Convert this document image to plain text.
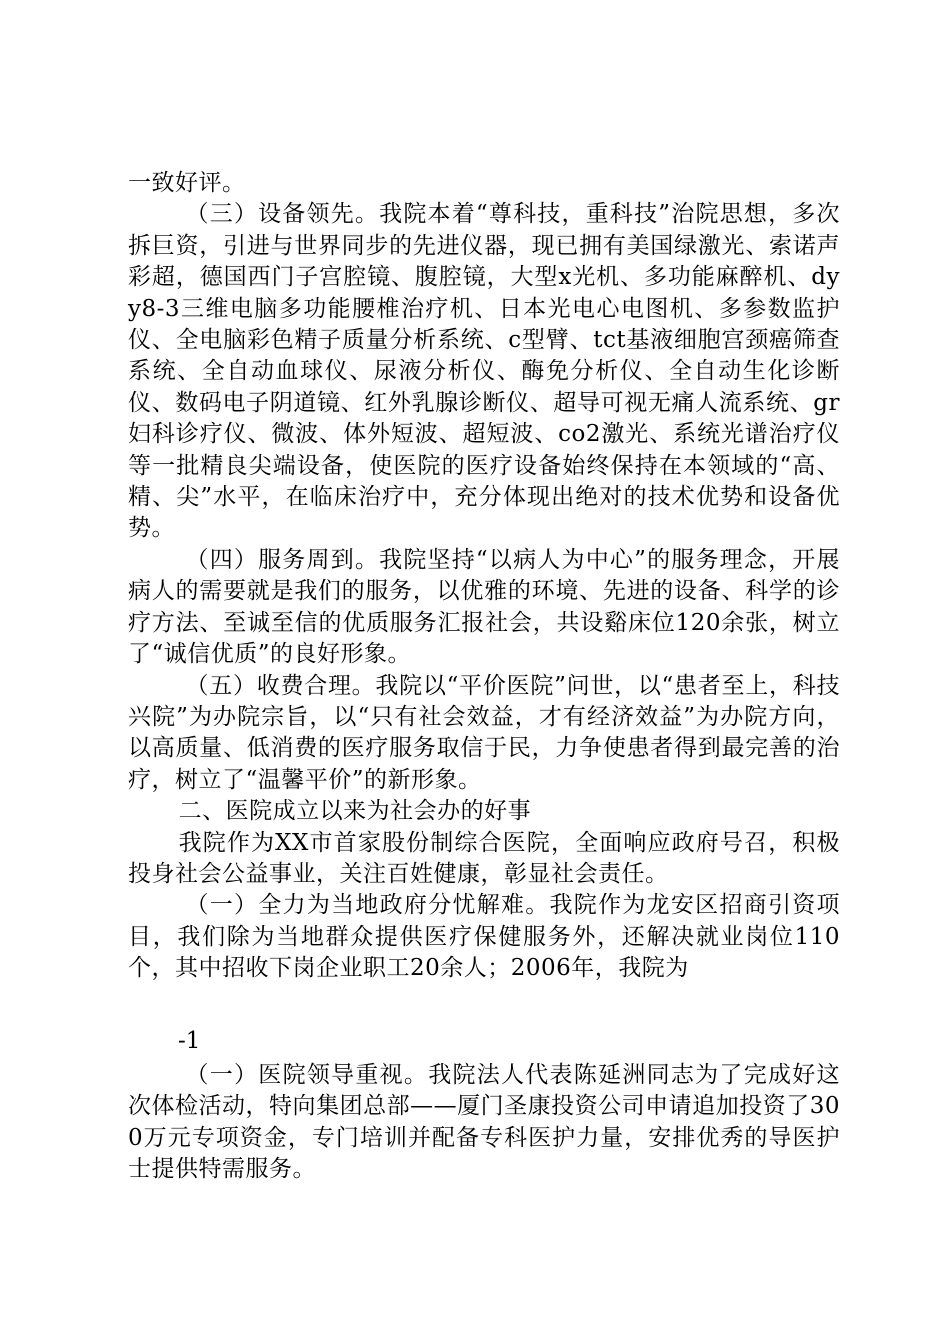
一致好评。

（三）设备领先。我院本着“尊科技，重科技”治院思想，多次拆巨资，引进与世界同步的先进仪器，现已拥有美国绿激光、索诺声彩超，德国西门子宫腔镜、腹腔镜，大型x光机、多功能麻醉机、dyy8-3三维电脑多功能腰椎治疗机、日本光电心电图机、多参数监护仪、全电脑彩色精子质量分析系统、c型臂、tct基液细胞宫颈癌筛查系统、全自动血球仪、尿液分析仪、酶免分析仪、全自动生化诊断仪、数码电子阴道镜、红外乳腺诊断仪、超导可视无痛人流系统、gr妇科诊疗仪、微波、体外短波、超短波、co2激光、系统光谱治疗仪等一批精良尖端设备，使医院的医疗设备始终保持在本领域的“高、精、尖”水平，在临床治疗中，充分体现出绝对的技术优势和设备优势。

（四）服务周到。我院坚持“以病人为中心”的服务理念，开展病人的需要就是我们的服务，以优雅的环境、先进的设备、科学的诊疗方法、至诚至信的优质服务汇报社会，共设谿床位120余张，树立了“诚信优质”的良好形象。

（五）收费合理。我院以“平价医院”问世，以“患者至上，科技兴院”为办院宗旨，以“只有社会效益，才有经济效益”为办院方向，以高质量、低消费的医疗服务取信于民，力争使患者得到最完善的治疗，树立了“温馨平价”的新形象。

二、医院成立以来为社会办的好事

我院作为XX市首家股份制综合医院，全面响应政府号召，积极投身社会公益事业，关注百姓健康，彰显社会责任。

（一）全力为当地政府分忧解难。我院作为龙安区招商引资项目，我们除为当地群众提供医疗保健服务外，还解决就业岗位110个，其中招收下岗企业职工20余人；2006年，我院为

-1

（一）医院领导重视。我院法人代表陈延洲同志为了完成好这次体检活动，特向集团总部——厦门圣康投资公司申请追加投资了300万元专项资金，专门培训并配备专科医护力量，安排优秀的导医护士提供特需服务。
